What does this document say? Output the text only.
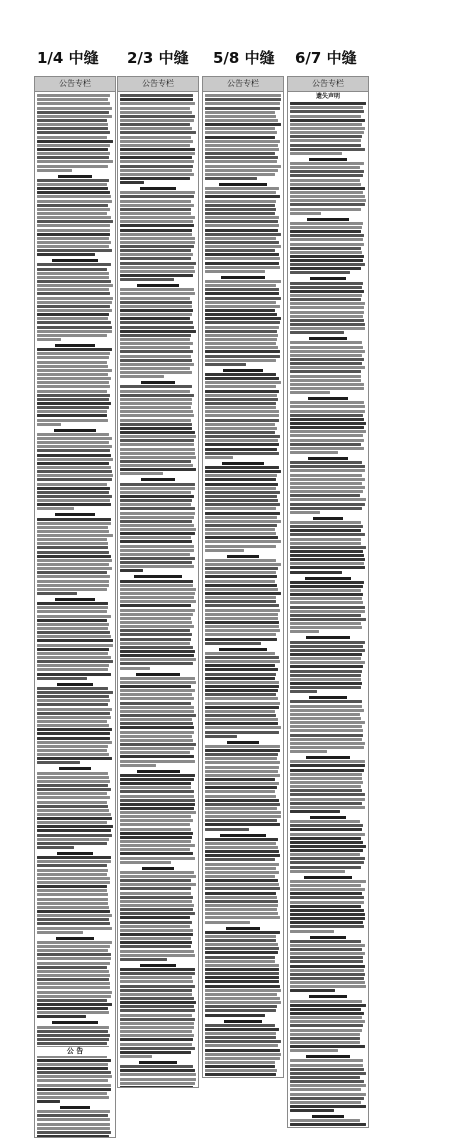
1/4 中缝 2/3 中缝 5/8 中缝 6/7 中缝
公告专栏
公 告
公告专栏	公告专栏	公告专栏
遗失声明
